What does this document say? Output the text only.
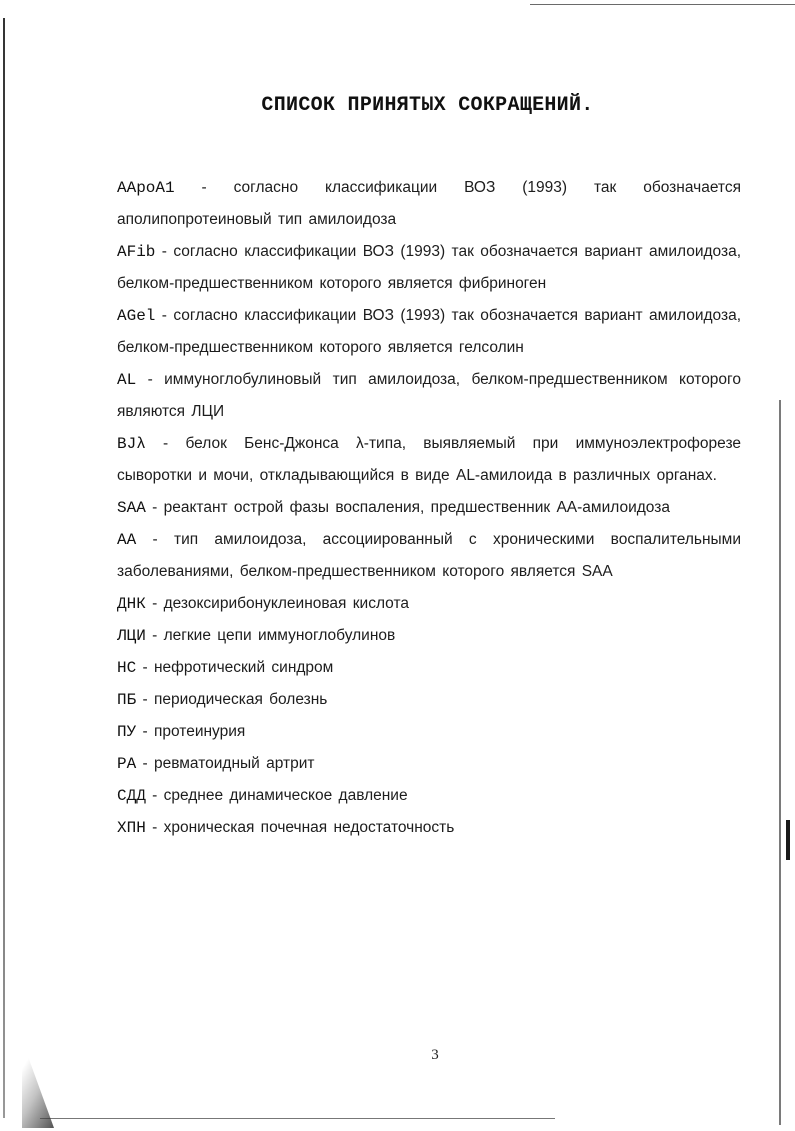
СПИСОК ПРИНЯТЫХ СОКРАЩЕНИЙ.

AApoA1 - согласно классификации ВОЗ (1993) так обозначается аполипопротеиновый тип амилоидоза

AFib - согласно классификации ВОЗ (1993) так обозначается вариант амилоидоза, белком-предшественником которого является фибриноген

AGel - согласно классификации ВОЗ (1993) так обозначается вариант амилоидоза, белком-предшественником которого является гелсолин

AL - иммуноглобулиновый тип амилоидоза, белком-предшественником которого являются ЛЦИ

BJλ - белок Бенс-Джонса λ-типа, выявляемый при иммуноэлектрофорезе сыворотки и мочи, откладывающийся в виде AL-амилоида в различных органах.

SAA - реактант острой фазы воспаления, предшественник АА-амилоидоза

АА - тип амилоидоза, ассоциированный с хроническими воспалительными заболеваниями, белком-предшественником которого является SAA

ДНК - дезоксирибонуклеиновая кислота

ЛЦИ - легкие цепи иммуноглобулинов

НС - нефротический синдром

ПБ - периодическая болезнь

ПУ - протеинурия

РА - ревматоидный артрит

СДД - среднее динамическое давление

ХПН - хроническая почечная недостаточность

3
